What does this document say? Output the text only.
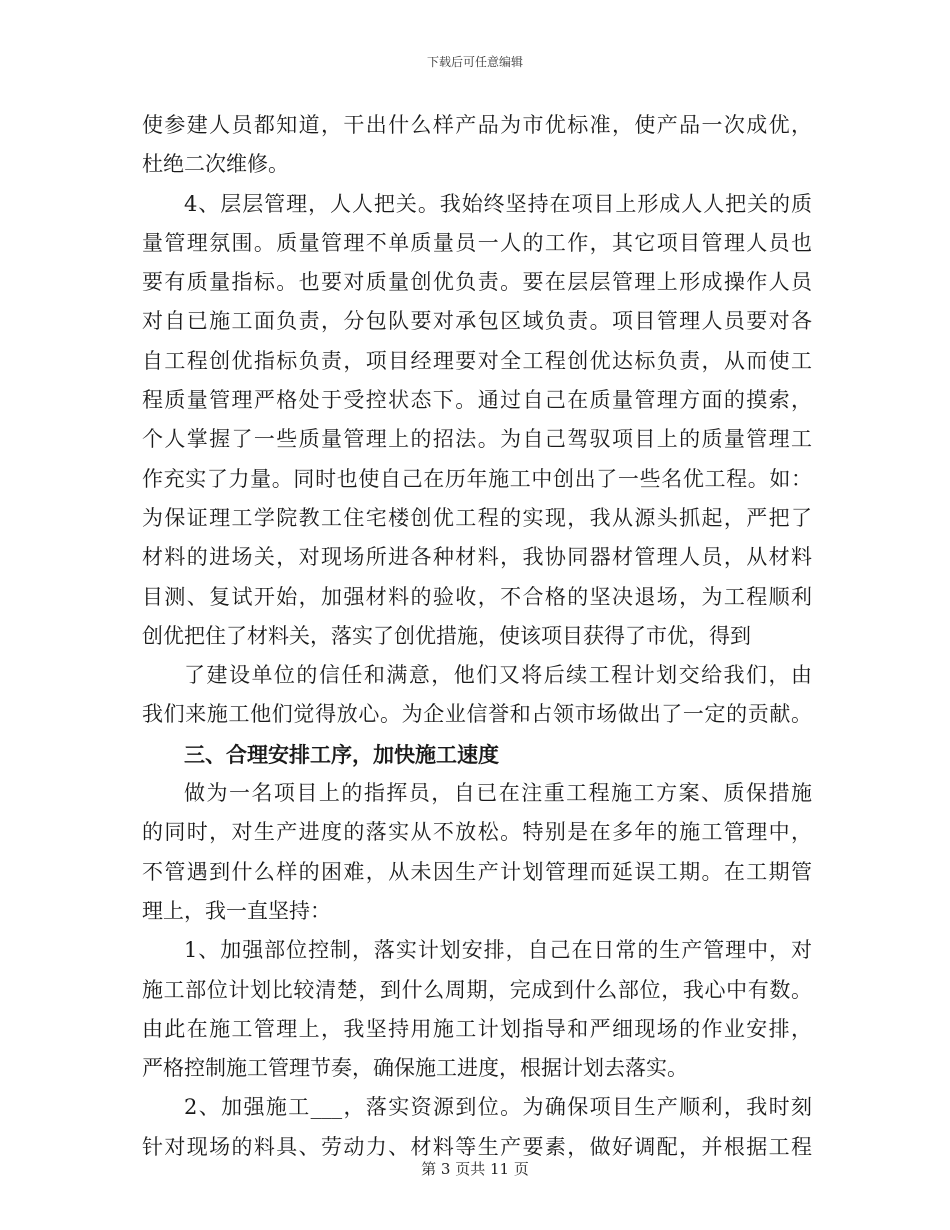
下载后可任意编辑
使参建人员都知道，干出什么样产品为市优标准，使产品一次成优，
杜绝二次维修。
4、层层管理，人人把关。我始终坚持在项目上形成人人把关的质
量管理氛围。质量管理不单质量员一人的工作，其它项目管理人员也
要有质量指标。也要对质量创优负责。要在层层管理上形成操作人员
对自已施工面负责，分包队要对承包区域负责。项目管理人员要对各
自工程创优指标负责，项目经理要对全工程创优达标负责，从而使工
程质量管理严格处于受控状态下。通过自己在质量管理方面的摸索，
个人掌握了一些质量管理上的招法。为自己驾驭项目上的质量管理工
作充实了力量。同时也使自己在历年施工中创出了一些名优工程。如：
为保证理工学院教工住宅楼创优工程的实现，我从源头抓起，严把了
材料的进场关，对现场所进各种材料，我协同器材管理人员，从材料
目测、复试开始，加强材料的验收，不合格的坚决退场，为工程顺利
创优把住了材料关，落实了创优措施，使该项目获得了市优，得到
了建设单位的信任和满意，他们又将后续工程计划交给我们，由
我们来施工他们觉得放心。为企业信誉和占领市场做出了一定的贡献。
三、合理安排工序，加快施工速度
做为一名项目上的指挥员，自已在注重工程施工方案、质保措施
的同时，对生产进度的落实从不放松。特别是在多年的施工管理中，
不管遇到什么样的困难，从未因生产计划管理而延误工期。在工期管
理上，我一直坚持：
1、加强部位控制，落实计划安排，自己在日常的生产管理中，对
施工部位计划比较清楚，到什么周期，完成到什么部位，我心中有数。
由此在施工管理上，我坚持用施工计划指导和严细现场的作业安排，
严格控制施工管理节奏，确保施工进度，根据计划去落实。
2、加强施工___，落实资源到位。为确保项目生产顺利，我时刻
针对现场的料具、劳动力、材料等生产要素，做好调配，并根据工程
第 3 页共 11 页
